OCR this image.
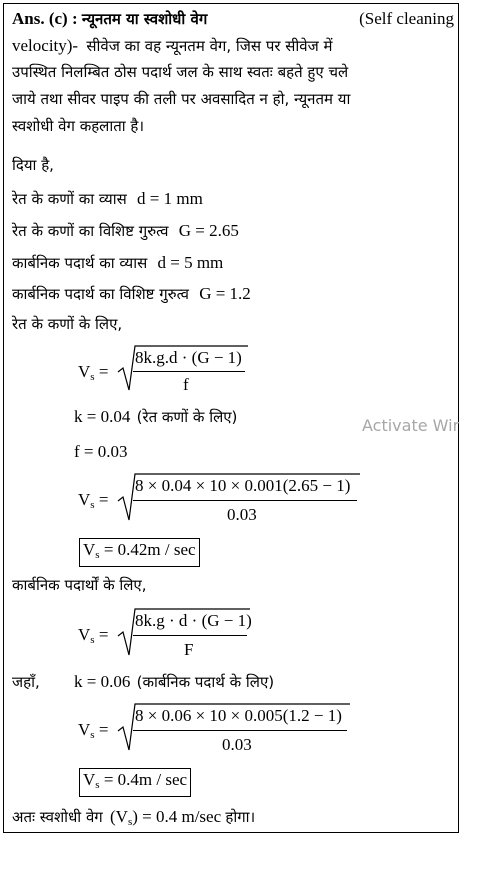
Ans. (c) : न्यूनतम या स्वशोधी वेग	(Self cleaning
velocity)- सीवेज का वह न्यूनतम वेग, जिस पर सीवेज में
उपस्थित निलम्बित ठोस पदार्थ जल के साथ स्वतः बहते हुए चले
जाये तथा सीवर पाइप की तली पर अवसादित न हो, न्यूनतम या
स्वशोधी वेग कहलाता है।
दिया है,
रेत के कणों का व्यास d = 1 mm
रेत के कणों का विशिष्ट गुरुत्व G = 2.65
कार्बनिक पदार्थ का व्यास d = 5 mm
कार्बनिक पदार्थ का विशिष्ट गुरुत्व G = 1.2
रेत के कणों के लिए,
$V_s$ =
8k.g.d · (G − 1)
f
k = 0.04 (रेत कणों के लिए)
f = 0.03
$V_s$ =
8 × 0.04 × 10 × 0.001(2.65 − 1)
0.03
$V_s = 0.42m / \sec$
कार्बनिक पदार्थों के लिए,
$V_s$ =
8k.g · d · (G − 1)
F
जहाँ, k = 0.06 (कार्बनिक पदार्थ के लिए)
$V_s$ =
8 × 0.06 × 10 × 0.005(1.2 − 1)
0.03
$V_s = 0.4m / \sec$
अतः स्वशोधी वेग $(V_s) = 0.4$ m/sec होगा।
Activate Wir
